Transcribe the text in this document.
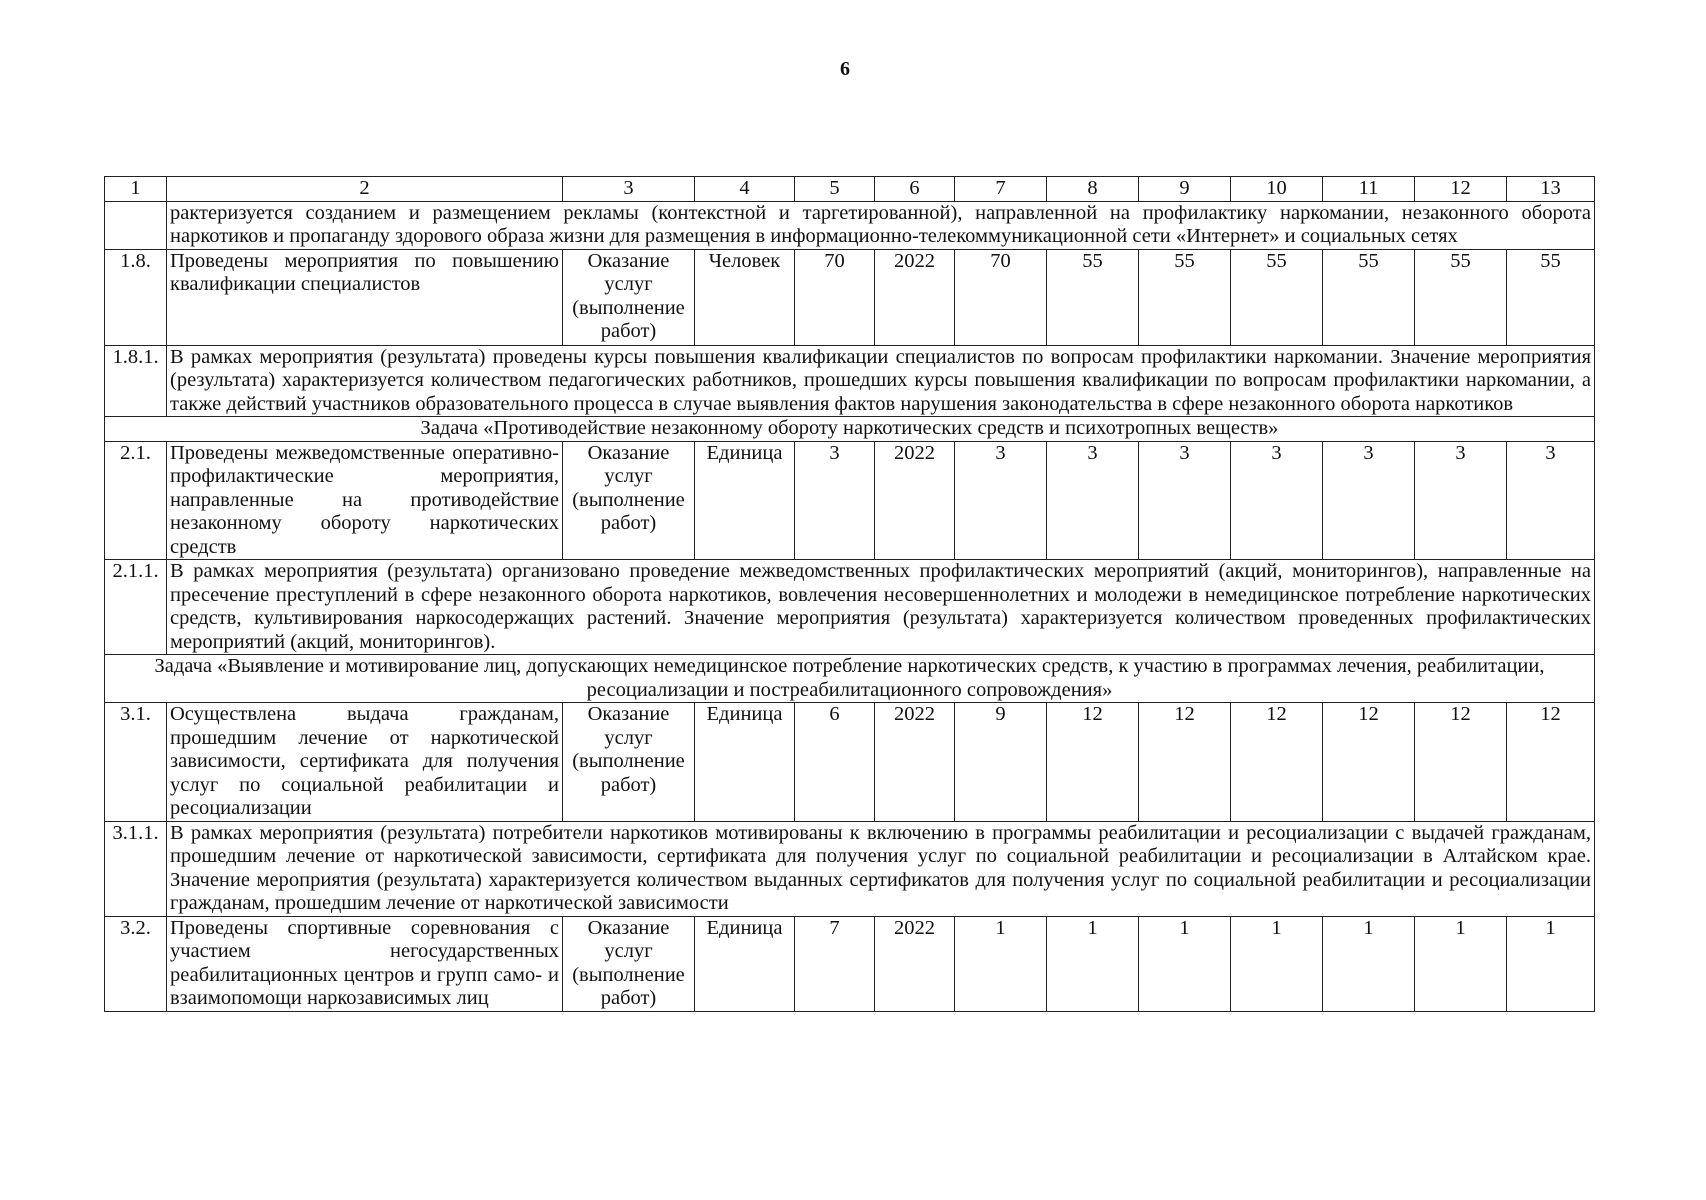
6
1	2	3	4	5	6	7	8	9	10	11	12	13
	рактеризуется созданием и размещением рекламы (контекстной и таргетированной), направленной на профилактику наркомании, незаконного оборота наркотиков и пропаганду здорового образа жизни для размещения в информационно-телекоммуникационной сети «Интернет» и социальных сетях											
1.8.	Проведены мероприятия по повышению квалификации специалистов	Оказание услуг (выполнение работ)	Человек	70	2022	70	55	55	55	55	55	55
1.8.1.	В рамках мероприятия (результата) проведены курсы повышения квалификации специалистов по вопросам профилактики наркомании. Значение мероприятия (результата) характеризуется количеством педагогических работников, прошедших курсы повышения квалификации по вопросам профилактики наркомании, а также действий участников образовательного процесса в случае выявления фактов нарушения законодательства в сфере незаконного оборота наркотиков											
Задача «Противодействие незаконному обороту наркотических средств и психотропных веществ»												
2.1.	Проведены межведомственные оперативно-профилактические мероприятия, направленные на противодействие незаконному обороту наркотических средств	Оказание услуг (выполнение работ)	Единица	3	2022	3	3	3	3	3	3	3
2.1.1.	В рамках мероприятия (результата) организовано проведение межведомственных профилактических мероприятий (акций, мониторингов), направленные на пресечение преступлений в сфере незаконного оборота наркотиков, вовлечения несовершеннолетних и молодежи в немедицинское потребление наркотических средств, культивирования наркосодержащих растений. Значение мероприятия (результата) характеризуется количеством проведенных профилактических мероприятий (акций, мониторингов).											
Задача «Выявление и мотивирование лиц, допускающих немедицинское потребление наркотических средств, к участию в программах лечения, реабилитации, ресоциализации и постреабилитационного сопровождения»												
3.1.	Осуществлена выдача гражданам, прошедшим лечение от наркотической зависимости, сертификата для получения услуг по социальной реабилитации и ресоциализации	Оказание услуг (выполнение работ)	Единица	6	2022	9	12	12	12	12	12	12
3.1.1.	В рамках мероприятия (результата) потребители наркотиков мотивированы к включению в программы реабилитации и ресоциализации с выдачей гражданам, прошедшим лечение от наркотической зависимости, сертификата для получения услуг по социальной реабилитации и ресоциализации в Алтайском крае. Значение мероприятия (результата) характеризуется количеством выданных сертификатов для получения услуг по социальной реабилитации и ресоциализации гражданам, прошедшим лечение от наркотической зависимости											
3.2.	Проведены спортивные соревнования с участием негосударственных реабилитационных центров и групп само- и взаимопомощи наркозависимых лиц	Оказание услуг (выполнение работ)	Единица	7	2022	1	1	1	1	1	1	1
